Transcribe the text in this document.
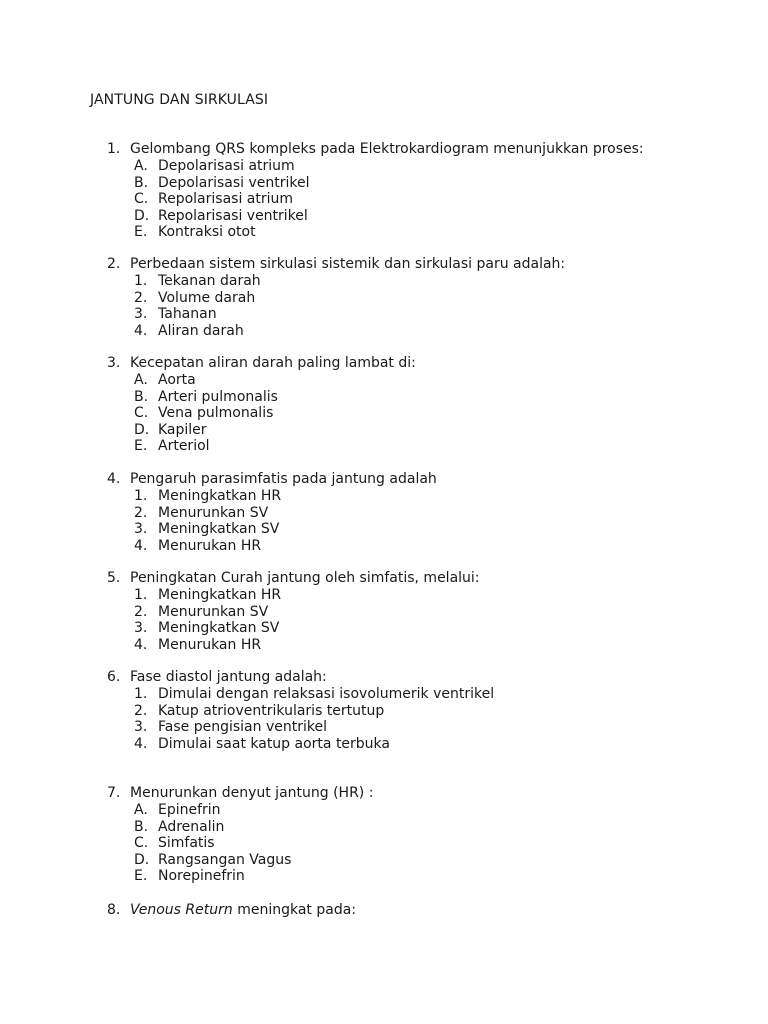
JANTUNG DAN SIRKULASI
1. Gelombang QRS kompleks pada Elektrokardiogram menunjukkan proses:
A. Depolarisasi atrium
B. Depolarisasi ventrikel
C. Repolarisasi atrium
D. Repolarisasi ventrikel
E. Kontraksi otot
2. Perbedaan sistem sirkulasi sistemik dan sirkulasi paru adalah:
1. Tekanan darah
2. Volume darah
3. Tahanan
4. Aliran darah
3. Kecepatan aliran darah paling lambat di:
A. Aorta
B. Arteri pulmonalis
C. Vena pulmonalis
D. Kapiler
E. Arteriol
4. Pengaruh parasimfatis pada jantung adalah
1. Meningkatkan HR
2. Menurunkan SV
3. Meningkatkan SV
4. Menurukan HR
5. Peningkatan Curah jantung oleh simfatis, melalui:
1. Meningkatkan HR
2. Menurunkan SV
3. Meningkatkan SV
4. Menurukan HR
6. Fase diastol jantung adalah:
1. Dimulai dengan relaksasi isovolumerik ventrikel
2. Katup atrioventrikularis tertutup
3. Fase pengisian ventrikel
4. Dimulai saat katup aorta terbuka
7. Menurunkan denyut jantung (HR) :
A. Epinefrin
B. Adrenalin
C. Simfatis
D. Rangsangan Vagus
E. Norepinefrin
8. Venous Return meningkat pada:
